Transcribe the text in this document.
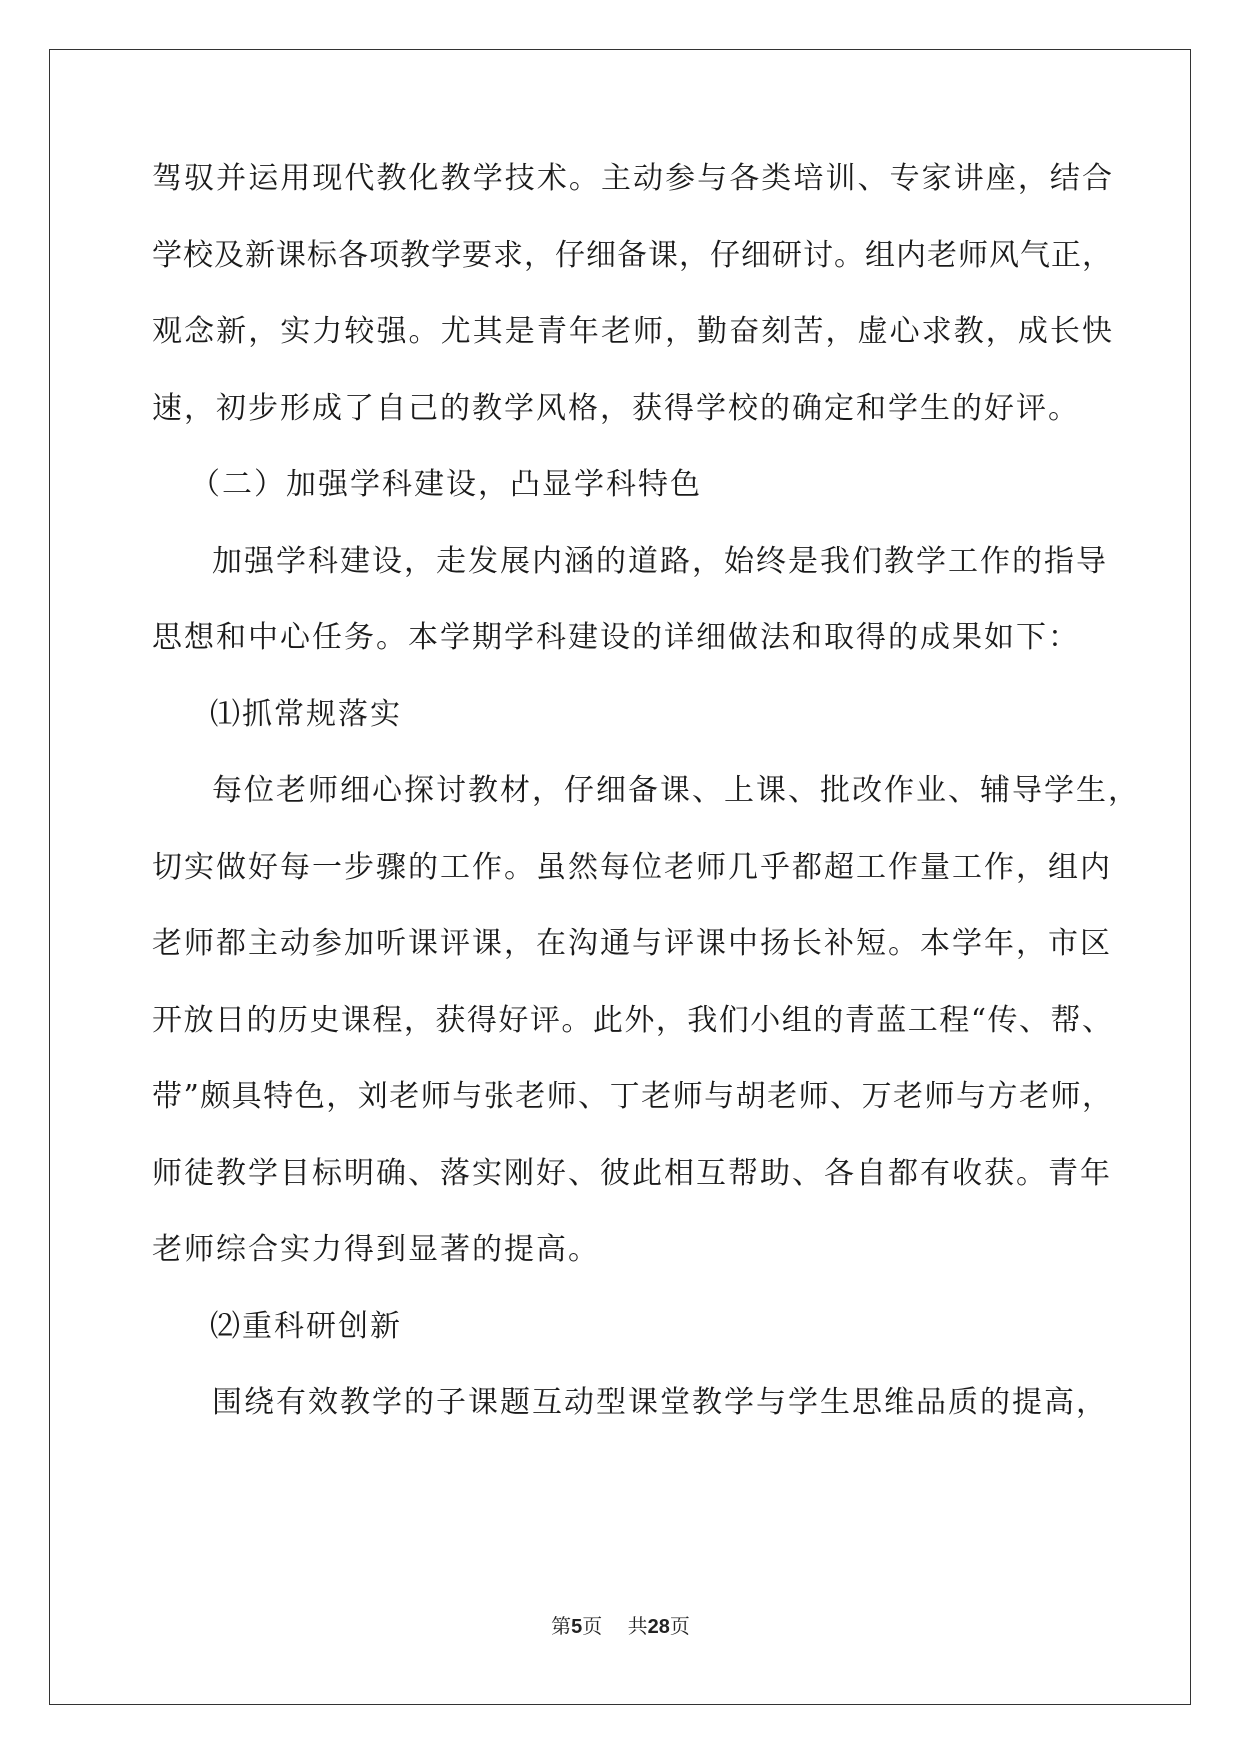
驾驭并运用现代教化教学技术。主动参与各类培训、专家讲座，结合
学校及新课标各项教学要求，仔细备课，仔细研讨。组内老师风气正，
观念新，实力较强。尤其是青年老师，勤奋刻苦，虚心求教，成长快
速，初步形成了自己的教学风格，获得学校的确定和学生的好评。
（二）加强学科建设，凸显学科特色
加强学科建设，走发展内涵的道路，始终是我们教学工作的指导
思想和中心任务。本学期学科建设的详细做法和取得的成果如下：
⑴抓常规落实
每位老师细心探讨教材，仔细备课、上课、批改作业、辅导学生，
切实做好每一步骤的工作。虽然每位老师几乎都超工作量工作，组内
老师都主动参加听课评课，在沟通与评课中扬长补短。本学年，市区
开放日的历史课程，获得好评。此外，我们小组的青蓝工程“传、帮、
带”颇具特色，刘老师与张老师、丁老师与胡老师、万老师与方老师，
师徒教学目标明确、落实刚好、彼此相互帮助、各自都有收获。青年
老师综合实力得到显著的提高。
⑵重科研创新
围绕有效教学的子课题互动型课堂教学与学生思维品质的提高，
第5页 共28页
